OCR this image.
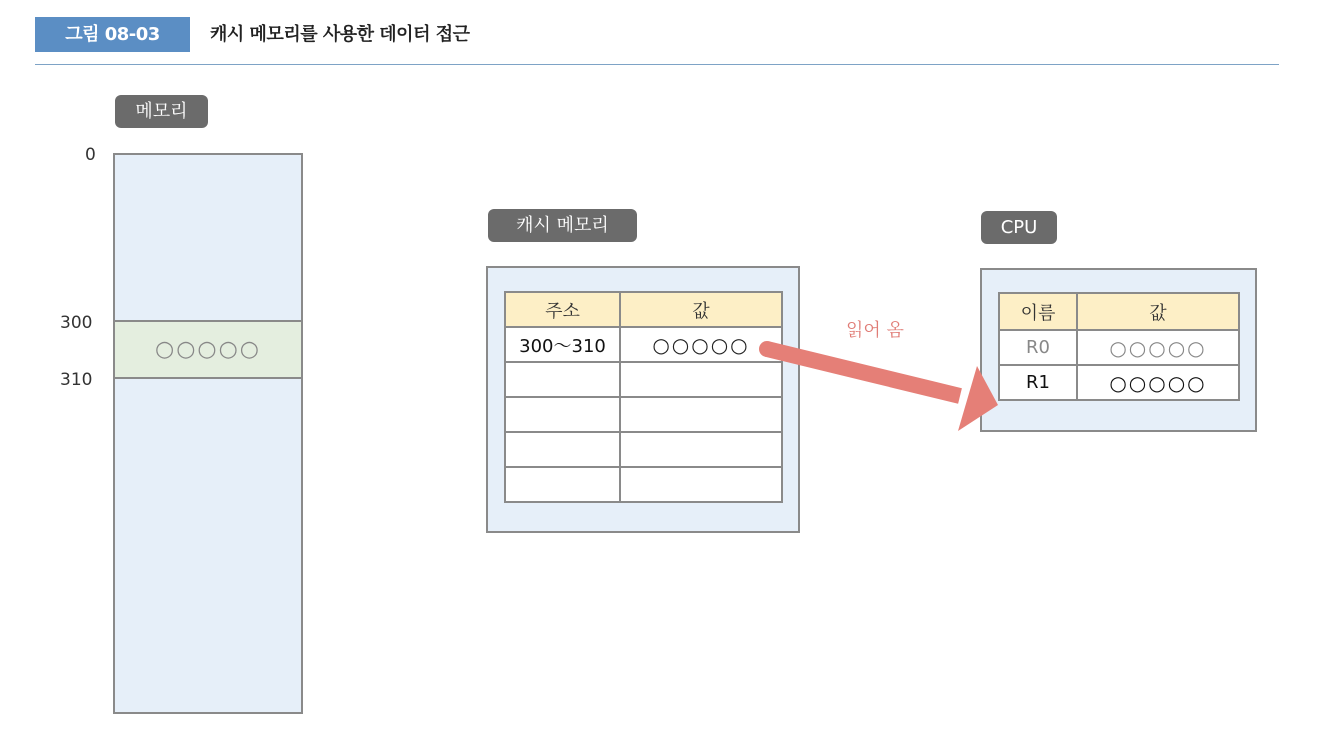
그림 08-03	캐시 메모리를 사용한 데이터 접근
메모리
0
300
310
○○○○○
캐시 메모리
주소	값
300～310	○○○○○

CPU
이름	값
R0	○○○○○
R1	○○○○○
읽어 옴
